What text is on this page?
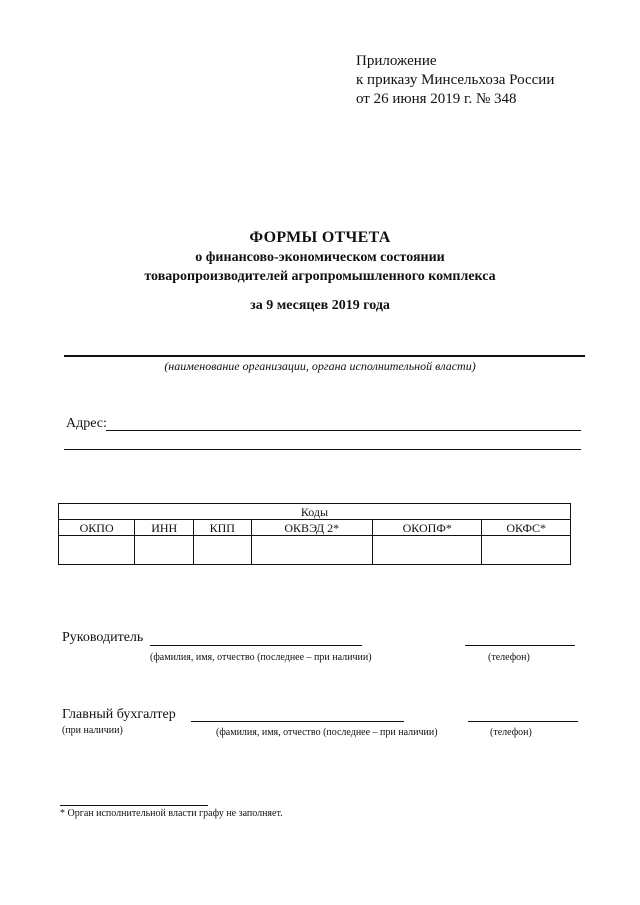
Приложение
к приказу Минсельхоза России
от 26 июня 2019 г. № 348
ФОРМЫ ОТЧЕТА
о финансово-экономическом состоянии
товаропроизводителей агропромышленного комплекса
за 9 месяцев 2019 года
(наименование организации, органа исполнительной власти)
Адрес:
Коды					
ОКПО	ИНН	КПП	ОКВЭД 2*	ОКОПФ*	ОКФС*

Руководитель
(фамилия, имя, отчество (последнее – при наличии)	(телефон)
Главный бухгалтер
(при наличии)	(фамилия, имя, отчество (последнее – при наличии)	(телефон)
* Орган исполнительной власти графу не заполняет.
